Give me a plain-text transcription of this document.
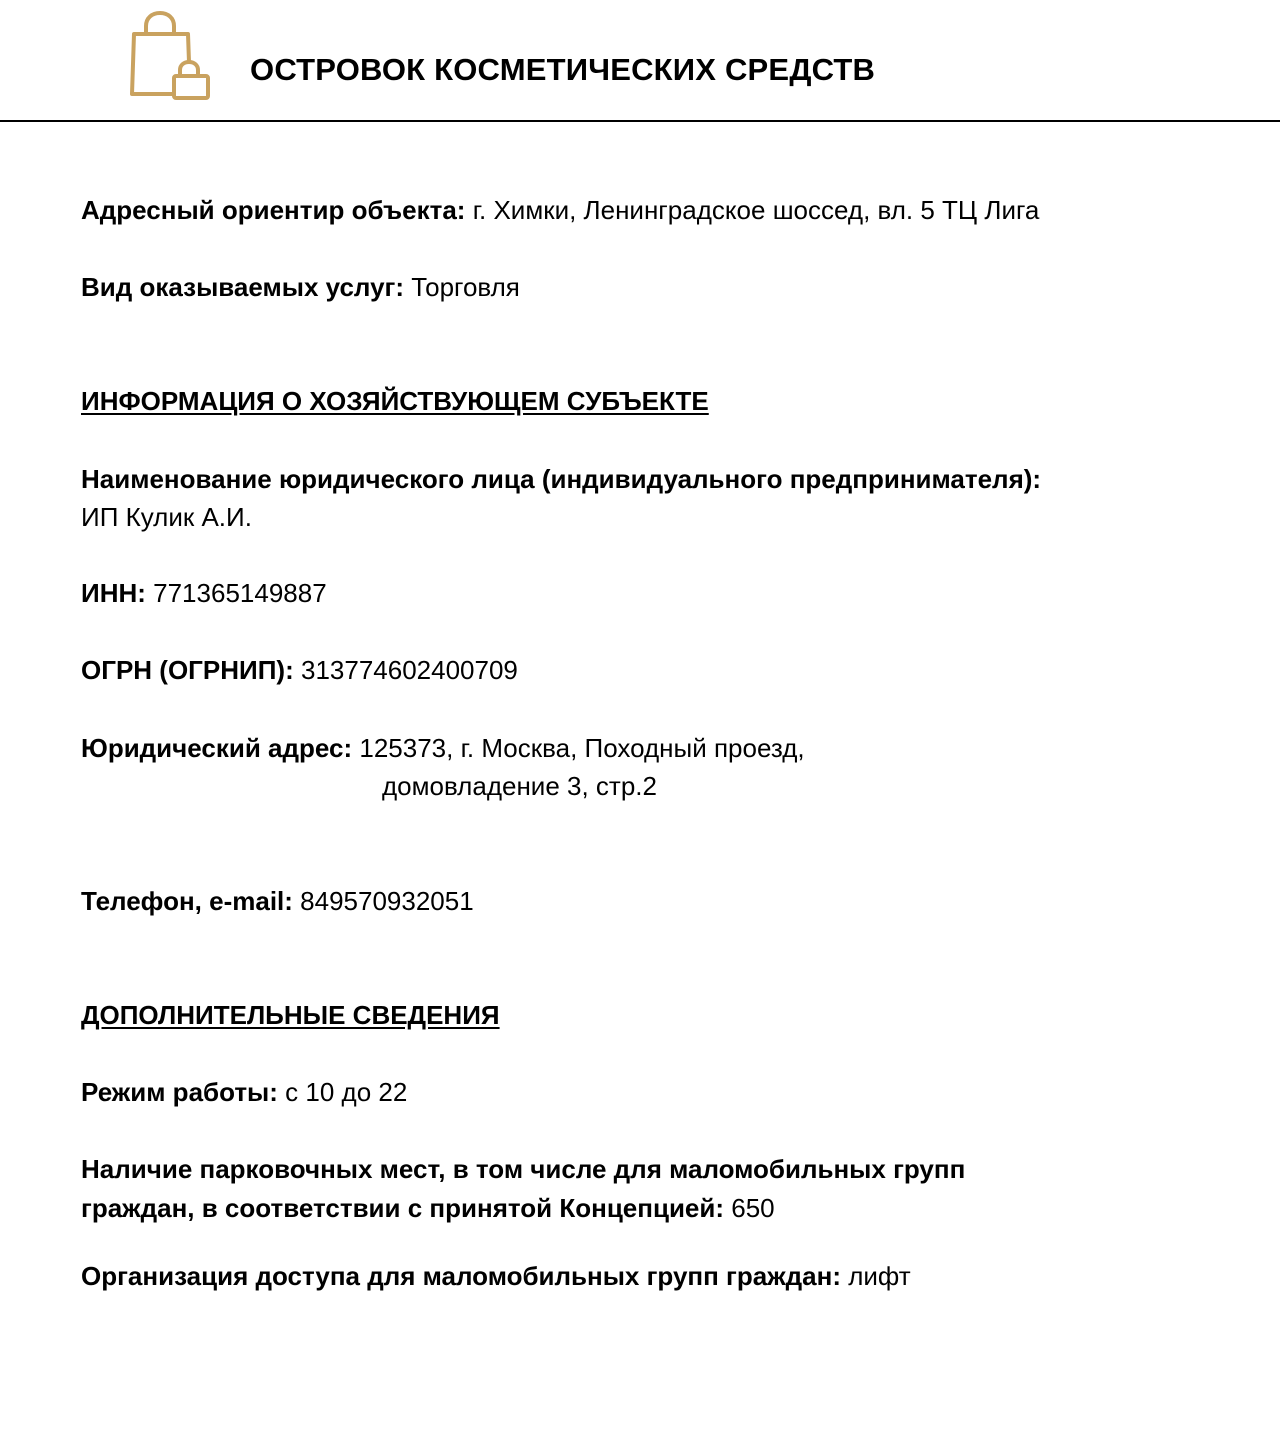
ОСТРОВОК КОСМЕТИЧЕСКИХ СРЕДСТВ
Адресный ориентир объекта: г. Химки, Ленинградское шоссед, вл. 5 ТЦ Лига
Вид оказываемых услуг: Торговля
ИНФОРМАЦИЯ О ХОЗЯЙСТВУЮЩЕМ СУБЪЕКТЕ
Наименование юридического лица (индивидуального предпринимателя):
ИП Кулик А.И.
ИНН: 771365149887
ОГРН (ОГРНИП): 313774602400709
Юридический адрес: 125373, г. Москва, Походный проезд,
домовладение 3, стр.2
Телефон, e-mail: 849570932051
ДОПОЛНИТЕЛЬНЫЕ СВЕДЕНИЯ
Режим работы: с 10 до 22
Наличие парковочных мест, в том числе для маломобильных групп
граждан, в соответствии с принятой Концепцией: 650
Организация доступа для маломобильных групп граждан: лифт
